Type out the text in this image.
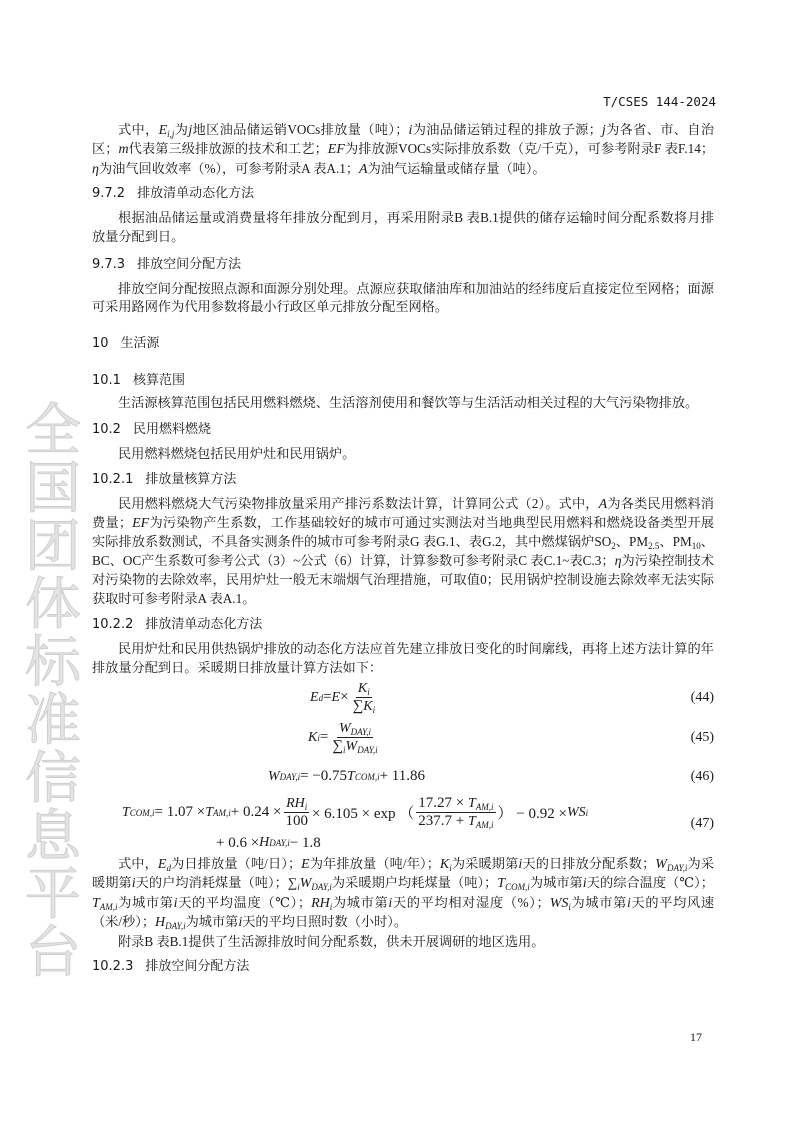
全国团体标准信息平台
T/CSES 144-2024

式中，$E_{i,j}$为j地区油品储运销VOCs排放量（吨）；i为油品储运销过程的排放子源；j为各省、市、自治区；m代表第三级排放源的技术和工艺；EF为排放源VOCs实际排放系数（克/千克），可参考附录F 表F.14；η为油气回收效率（%），可参考附录A 表A.1；A为油气运输量或储存量（吨）。

9.7.2 排放清单动态化方法

根据油品储运量或消费量将年排放分配到月，再采用附录B 表B.1提供的储存运输时间分配系数将月排放量分配到日。

9.7.3 排放空间分配方法

排放空间分配按照点源和面源分别处理。点源应获取储油库和加油站的经纬度后直接定位至网格；面源可采用路网作为代用参数将最小行政区单元排放分配至网格。

10 生活源
10.1 核算范围

生活源核算范围包括民用燃料燃烧、生活溶剂使用和餐饮等与生活活动相关过程的大气污染物排放。

10.2 民用燃料燃烧

民用燃料燃烧包括民用炉灶和民用锅炉。

10.2.1 排放量核算方法

民用燃料燃烧大气污染物排放量采用产排污系数法计算，计算同公式（2）。式中，A为各类民用燃料消费量；EF为污染物产生系数，工作基础较好的城市可通过实测法对当地典型民用燃料和燃烧设备类型开展实际排放系数测试，不具备实测条件的城市可参考附录G 表G.1、表G.2，其中燃煤锅炉$SO_2$、$PM_{2.5}$、$PM_{10}$、BC、OC产生系数可参考公式（3）~公式（6）计算，计算参数可参考附录C 表C.1~表C.3；η为污染控制技术对污染物的去除效率，民用炉灶一般无末端烟气治理措施，可取值0；民用锅炉控制设施去除效率无法实际获取时可参考附录A 表A.1。

10.2.2 排放清单动态化方法

民用炉灶和民用供热锅炉排放的动态化方法应首先建立排放日变化的时间廓线，再将上述方法计算的年排放量分配到日。采暖期日排放量计算方法如下：

E $d = E \times \frac{K_i}{\sum K_i}$	(44)
K $i = \frac{W_{DAY,i}}{\sum_iW_{DAY,i}}$	(45)
W DAY,i = −0.75 T COM,i + 11.86	(46)
T COM,i = 1.07 × T $AM,i + 0.24 \times \frac{RH_i}{100} \times 6.105 \times \exp$ （ $\frac{17.27 \times T_{AM,i}}{237.7 + T_{AM,i}}$ ） − 0.92 × WS i
+ 0.6 × H DAY,i − 1.8
(47)

式中，$E_d$为日排放量（吨/日）；E为年排放量（吨/年）；$K_i$为采暖期第i天的日排放分配系数；$W_{DAY,i}$为采暖期第i天的户均消耗煤量（吨）；$\sum_iW_{DAY,i}$为采暖期户均耗煤量（吨）；$T_{COM,i}$为城市第i天的综合温度（℃）；$T_{AM,i}$为城市第i天的平均温度（℃）；$RH_i$为城市第i天的平均相对湿度（%）；$WS_i$为城市第i天的平均风速（米/秒）；$H_{DAY,i}$为城市第i天的平均日照时数（小时）。

附录B 表B.1提供了生活源排放时间分配系数，供未开展调研的地区选用。

10.2.3 排放空间分配方法
17
